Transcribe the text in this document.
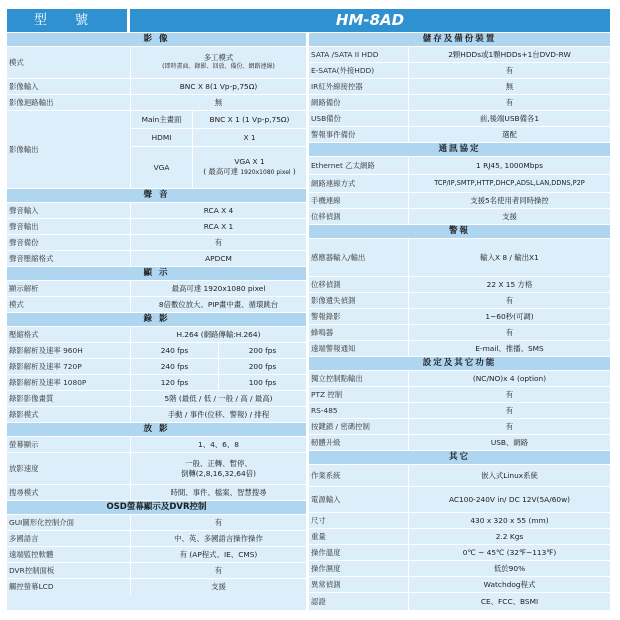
型 號	HM-8AD
影 像
模式	多工模式
(即時畫面、錄影、回放、備份、網路連線)
影像輸入	BNC X 8(1 Vp-p,75Ω)
影像迴路輸出	無
影像輸出
Main主畫面	BNC X 1 (1 Vp-p,75Ω)
HDMI	X 1
VGA
VGA X 1
( 最高可達 1920x1080 pixel )
聲 音
聲音輸入	RCA X 4
聲音輸出	RCA X 1
聲音備份	有
聲音壓縮格式	APDCM
顯 示
顯示解析	最高可達 1920x1080 pixel
模式	8倍數位放大、PIP畫中畫、循環跳台
錄 影
壓縮格式	H.264 (網路傳輸:H.264)
錄影解析及速率 960H	240 fps	200 fps
錄影解析及速率 720P	240 fps	200 fps
錄影解析及速率 1080P	120 fps	100 fps
錄影影像畫質	5階 (最低 / 低 / 一般 / 高 / 最高)
錄影模式	手動 / 事件(位移、警報) / 排程
放 影
螢幕顯示	1、4、6、8
放影速度
一般、正轉、暫停、
倒轉(2,8,16,32,64倍)
搜尋模式	時間、事件、檔案、智慧搜尋
OSD螢幕顯示及DVR控制
GUI圖形化控制介面	有
多國語言	中、英、多國語言操作操作
遠端監控軟體	有 (AP程式、IE、CMS)
DVR控制面板	有
觸控螢幕LCD	支援
儲存及備份裝置
SATA /SATA II HDD	2顆HDDs或1顆HDDs+1台DVD-RW
E-SATA(外接HDD)	有
IR紅外線接控器	無
網路備份	有
USB備份	前,後端USB備各1
警報事件備份	選配
通訊協定
Ethernet 乙太網路	1 RJ45, 1000Mbps
網路連線方式	TCP/IP,SMTP,HTTP,DHCP,ADSL,LAN,DDNS,P2P
手機連線	支援5名使用者同時操控
位移偵測	支援
警報
感應器輸入/輸出	輸入X 8 / 輸出X1
位移偵測	22 X 15 方格
影像遺失偵測	有
警報錄影	1~60秒(可調)
蜂鳴器	有
遠端警報通知	E-mail、推播、SMS
設定及其它功能
獨立控制點輸出	(NC/NO)x 4 (option)
PTZ 控制	有
RS-485	有
按鍵鎖 / 密碼控制	有
軔體升級	USB、網路
其它
作業系統	嵌入式Linux系統
電源輸入	AC100-240V in/ DC 12V(5A/60w)
尺寸	430 x 320 x 55 (mm)
重量	2.2 Kgs
操作溫度	0℃ ~ 45℃ (32℉~113℉)
操作濕度	低於90%
異常偵測	Watchdog程式
認證	CE、FCC、BSMI
